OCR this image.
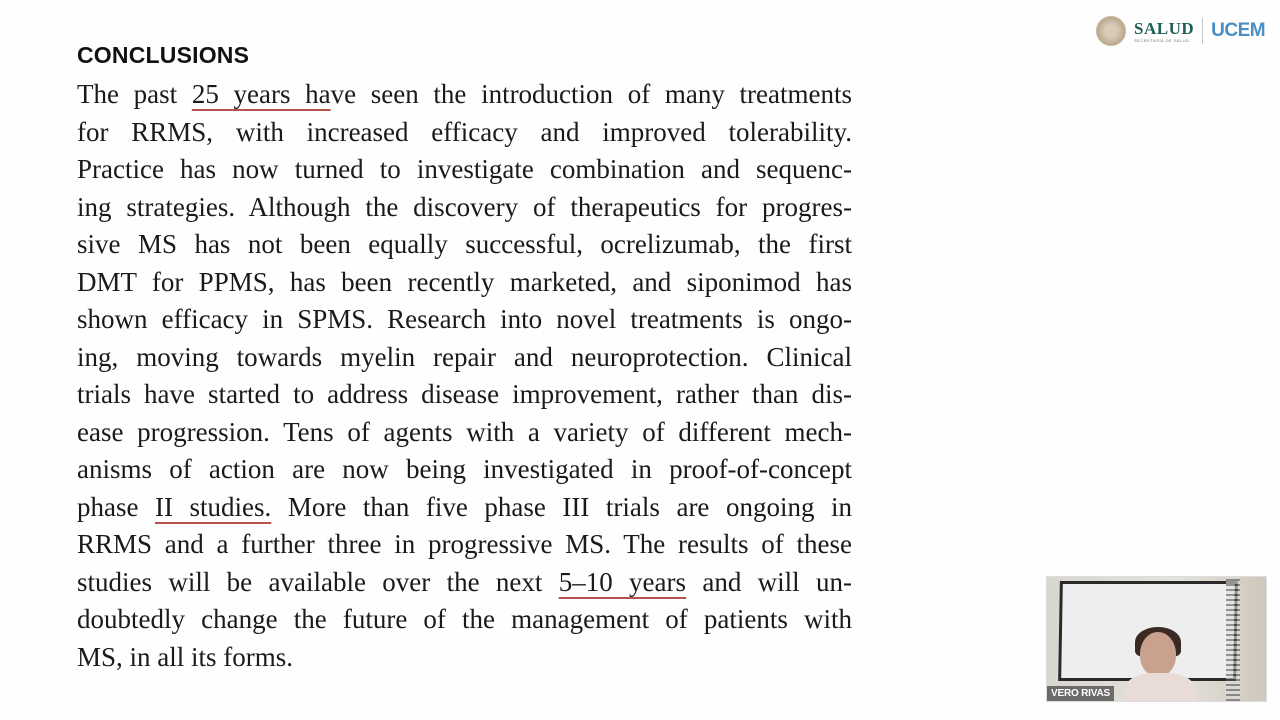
CONCLUSIONS
The past 25 years have seen the introduction of many treatments
for RRMS, with increased efficacy and improved tolerability.
Practice has now turned to investigate combination and sequenc-
ing strategies. Although the discovery of therapeutics for progres-
sive MS has not been equally successful, ocrelizumab, the first
DMT for PPMS, has been recently marketed, and siponimod has
shown efficacy in SPMS. Research into novel treatments is ongo-
ing, moving towards myelin repair and neuroprotection. Clinical
trials have started to address disease improvement, rather than dis-
ease progression. Tens of agents with a variety of different mech-
anisms of action are now being investigated in proof-of-concept
phase II studies. More than five phase III trials are ongoing in
RRMS and a further three in progressive MS. The results of these
studies will be available over the next 5–10 years and will un-
doubtedly change the future of the management of patients with
MS, in all its forms.
SALUD
SECRETARÍA DE SALUD UCEM
VERO RIVAS
